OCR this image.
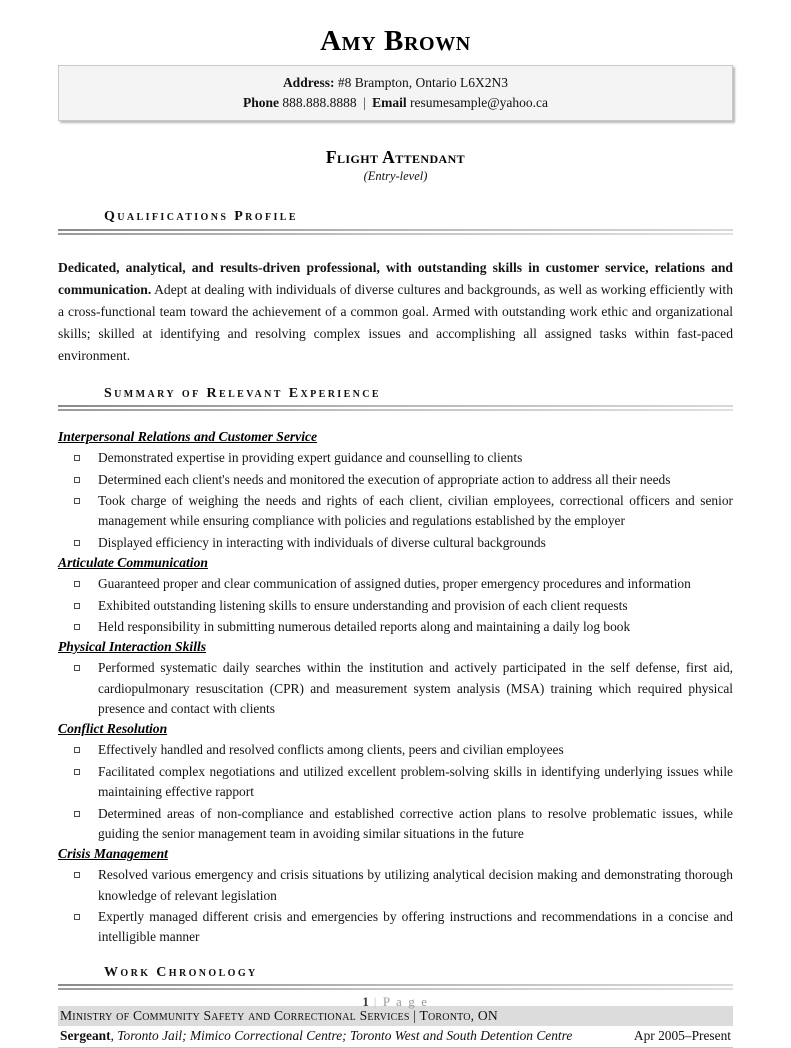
Amy Brown
Address: #8 Brampton, Ontario L6X2N3
Phone 888.888.8888 | Email resumesample@yahoo.ca
Flight Attendant
(Entry-level)
Qualifications Profile

Dedicated, analytical, and results-driven professional, with outstanding skills in customer service, relations and communication. Adept at dealing with individuals of diverse cultures and backgrounds, as well as working efficiently with a cross-functional team toward the achievement of a common goal. Armed with outstanding work ethic and organizational skills; skilled at identifying and resolving complex issues and accomplishing all assigned tasks within fast-paced environment.

Summary of Relevant Experience
Interpersonal Relations and Customer Service
Demonstrated expertise in providing expert guidance and counselling to clients
Determined each client's needs and monitored the execution of appropriate action to address all their needs
Took charge of weighing the needs and rights of each client, civilian employees, correctional officers and senior management while ensuring compliance with policies and regulations established by the employer
Displayed efficiency in interacting with individuals of diverse cultural backgrounds
Articulate Communication
Guaranteed proper and clear communication of assigned duties, proper emergency procedures and information
Exhibited outstanding listening skills to ensure understanding and provision of each client requests
Held responsibility in submitting numerous detailed reports along and maintaining a daily log book
Physical Interaction Skills
Performed systematic daily searches within the institution and actively participated in the self defense, first aid, cardiopulmonary resuscitation (CPR) and measurement system analysis (MSA) training which required physical presence and contact with clients
Conflict Resolution
Effectively handled and resolved conflicts among clients, peers and civilian employees
Facilitated complex negotiations and utilized excellent problem-solving skills in identifying underlying issues while maintaining effective rapport
Determined areas of non-compliance and established corrective action plans to resolve problematic issues, while guiding the senior management team in avoiding similar situations in the future
Crisis Management
Resolved various emergency and crisis situations by utilizing analytical decision making and demonstrating thorough knowledge of relevant legislation
Expertly managed different crisis and emergencies by offering instructions and recommendations in a concise and intelligible manner
Work Chronology
Ministry of Community Safety and Correctional Services | Toronto, ON
Sergeant, Toronto Jail; Mimico Correctional Centre; Toronto West and South Detention Centre	Apr 2005–Present
1 | P a g e
